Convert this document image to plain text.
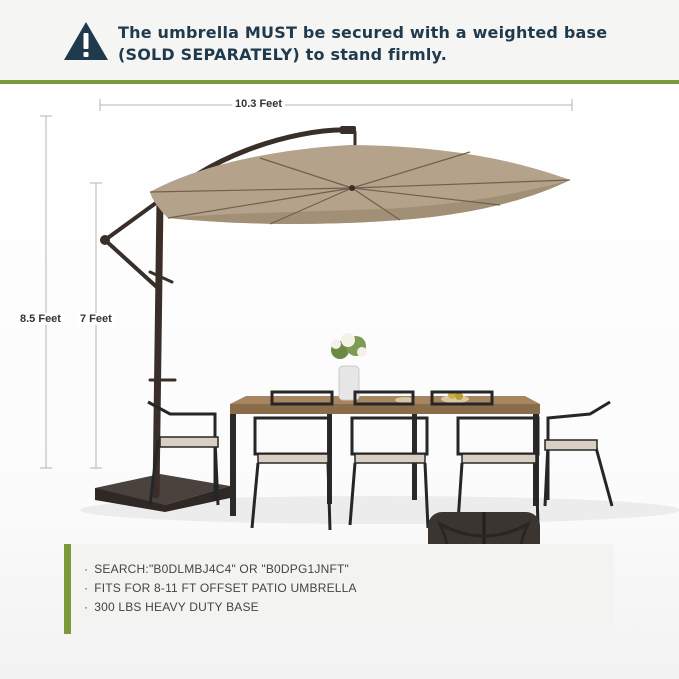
The umbrella MUST be secured with a weighted base
(SOLD SEPARATELY) to stand firmly.
10.3 Feet
8.5 Feet 7 Feet
· SEARCH:"B0DLMBJ4C4" OR "B0DPG1JNFT"
· FITS FOR 8-11 FT OFFSET PATIO UMBRELLA
· 300 LBS HEAVY DUTY BASE
